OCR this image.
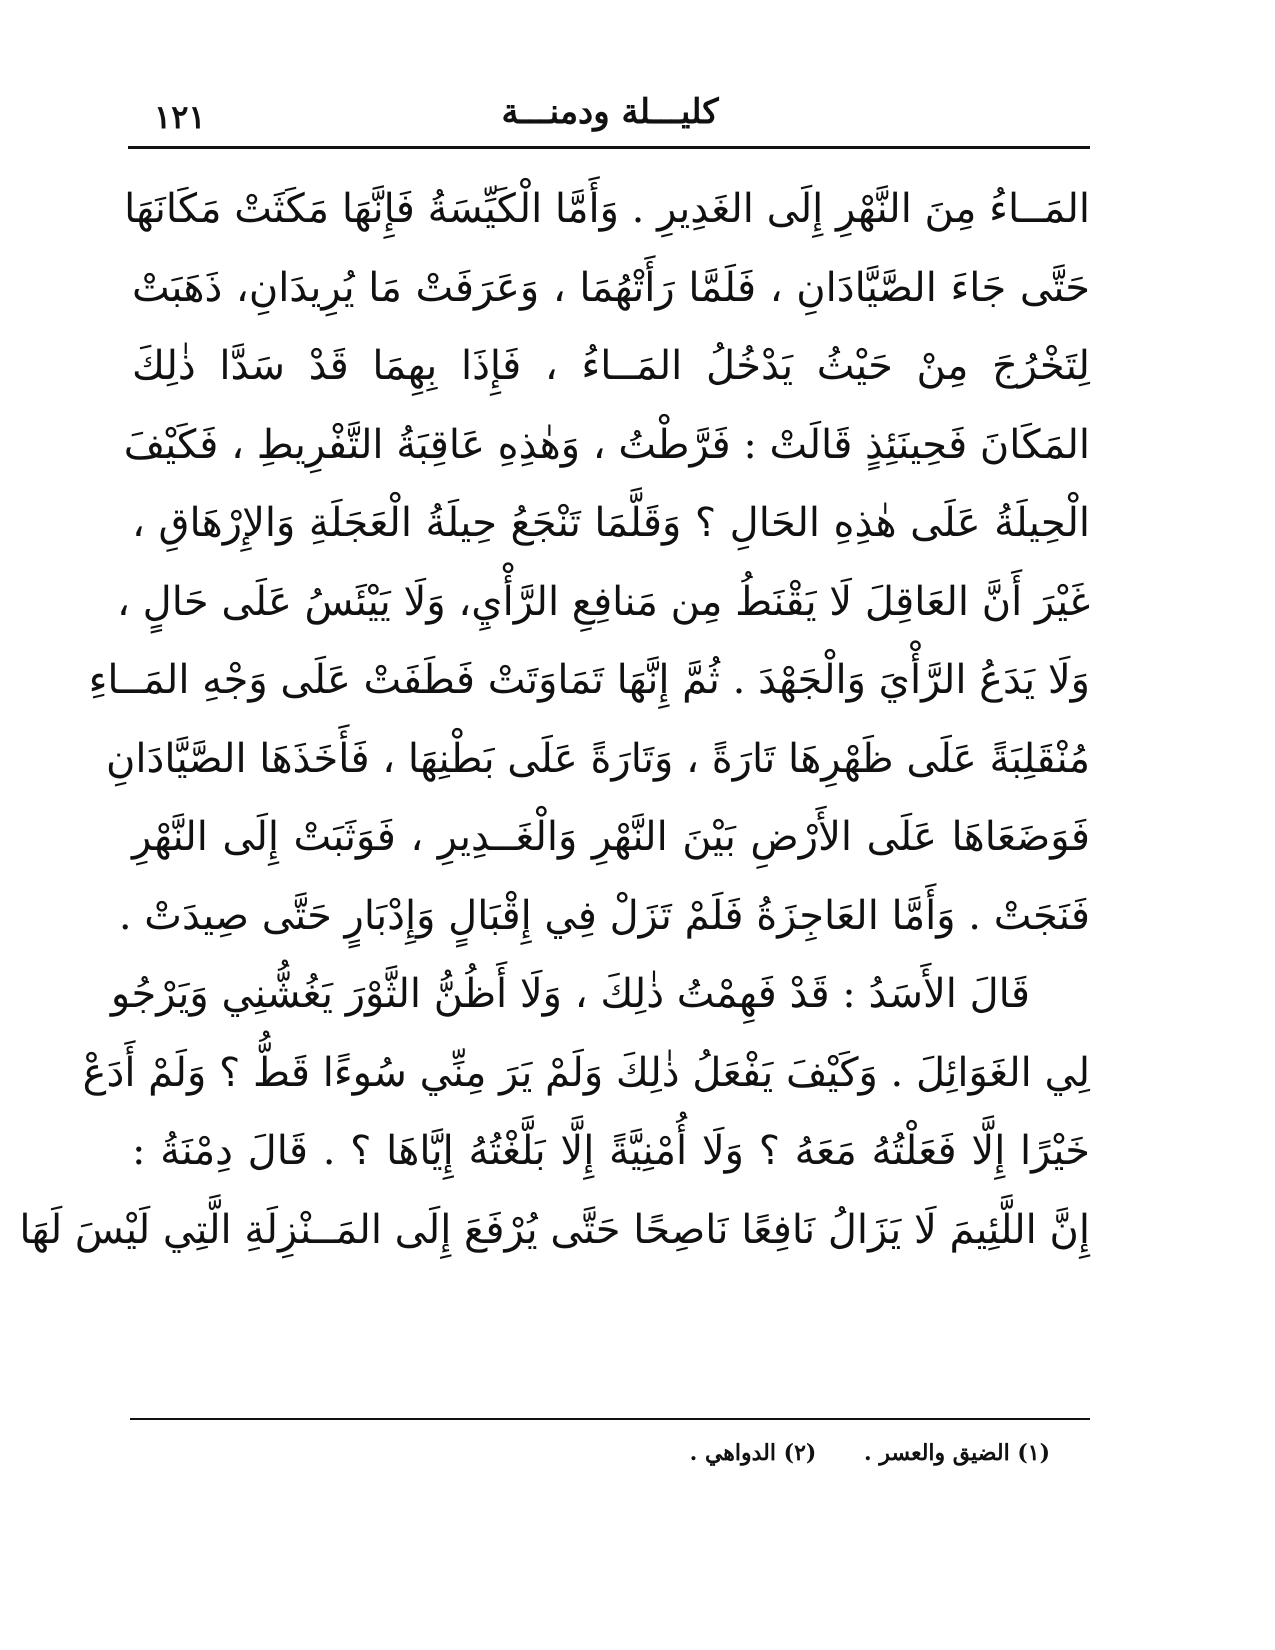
كليـــلة ودمنـــة
١٢١
المَــاءُ مِنَ النَّهْرِ إِلَى الغَدِيرِ . وَأَمَّا الْكَيِّسَةُ فَإِنَّهَا مَكَثَتْ مَكَانَهَا
حَتَّى جَاءَ الصَّيَّادَانِ ، فَلَمَّا رَأَتْهُمَا ، وَعَرَفَتْ مَا يُرِيدَانِ، ذَهَبَتْ
لِتَخْرُجَ مِنْ حَيْثُ يَدْخُلُ المَــاءُ ، فَإِذَا بِهِمَا قَدْ سَدَّا ذٰلِكَ
المَكَانَ فَحِينَئِذٍ قَالَتْ : فَرَّطْتُ ، وَهٰذِهِ عَاقِبَةُ التَّفْرِيطِ ، فَكَيْفَ
الْحِيلَةُ عَلَى هٰذِهِ الحَالِ ؟ وَقَلَّمَا تَنْجَعُ حِيلَةُ الْعَجَلَةِ وَالإِرْهَاقِ ،
غَيْرَ أَنَّ العَاقِلَ لَا يَقْنَطُ مِن مَنافِعِ الرَّأْيِ، وَلَا يَيْئَسُ عَلَى حَالٍ ،
وَلَا يَدَعُ الرَّأْيَ وَالْجَهْدَ . ثُمَّ إِنَّهَا تَمَاوَتَتْ فَطَفَتْ عَلَى وَجْهِ المَــاءِ
مُنْقَلِبَةً عَلَى ظَهْرِهَا تَارَةً ، وَتَارَةً عَلَى بَطْنِهَا ، فَأَخَذَهَا الصَّيَّادَانِ
فَوَضَعَاهَا عَلَى الأَرْضِ بَيْنَ النَّهْرِ وَالْغَــدِيرِ ، فَوَثَبَتْ إِلَى النَّهْرِ
فَنَجَتْ . وَأَمَّا العَاجِزَةُ فَلَمْ تَزَلْ فِي إِقْبَالٍ وَإِدْبَارٍ حَتَّى صِيدَتْ .
قَالَ الأَسَدُ : قَدْ فَهِمْتُ ذٰلِكَ ، وَلَا أَظُنُّ الثَّوْرَ يَغُشُّنِي وَيَرْجُو
لِي الغَوَائِلَ . وَكَيْفَ يَفْعَلُ ذٰلِكَ وَلَمْ يَرَ مِنِّي سُوءًا قَطُّ ؟ وَلَمْ أَدَعْ
خَيْرًا إِلَّا فَعَلْتُهُ مَعَهُ ؟ وَلَا أُمْنِيَّةً إِلَّا بَلَّغْتُهُ إِيَّاهَا ؟ . قَالَ دِمْنَةُ :
إِنَّ اللَّئِيمَ لَا يَزَالُ نَافِعًا نَاصِحًا حَتَّى يُرْفَعَ إِلَى المَــنْزِلَةِ الَّتِي لَيْسَ لَهَا
(١) الضيق والعسر . (٢) الدواهي .
